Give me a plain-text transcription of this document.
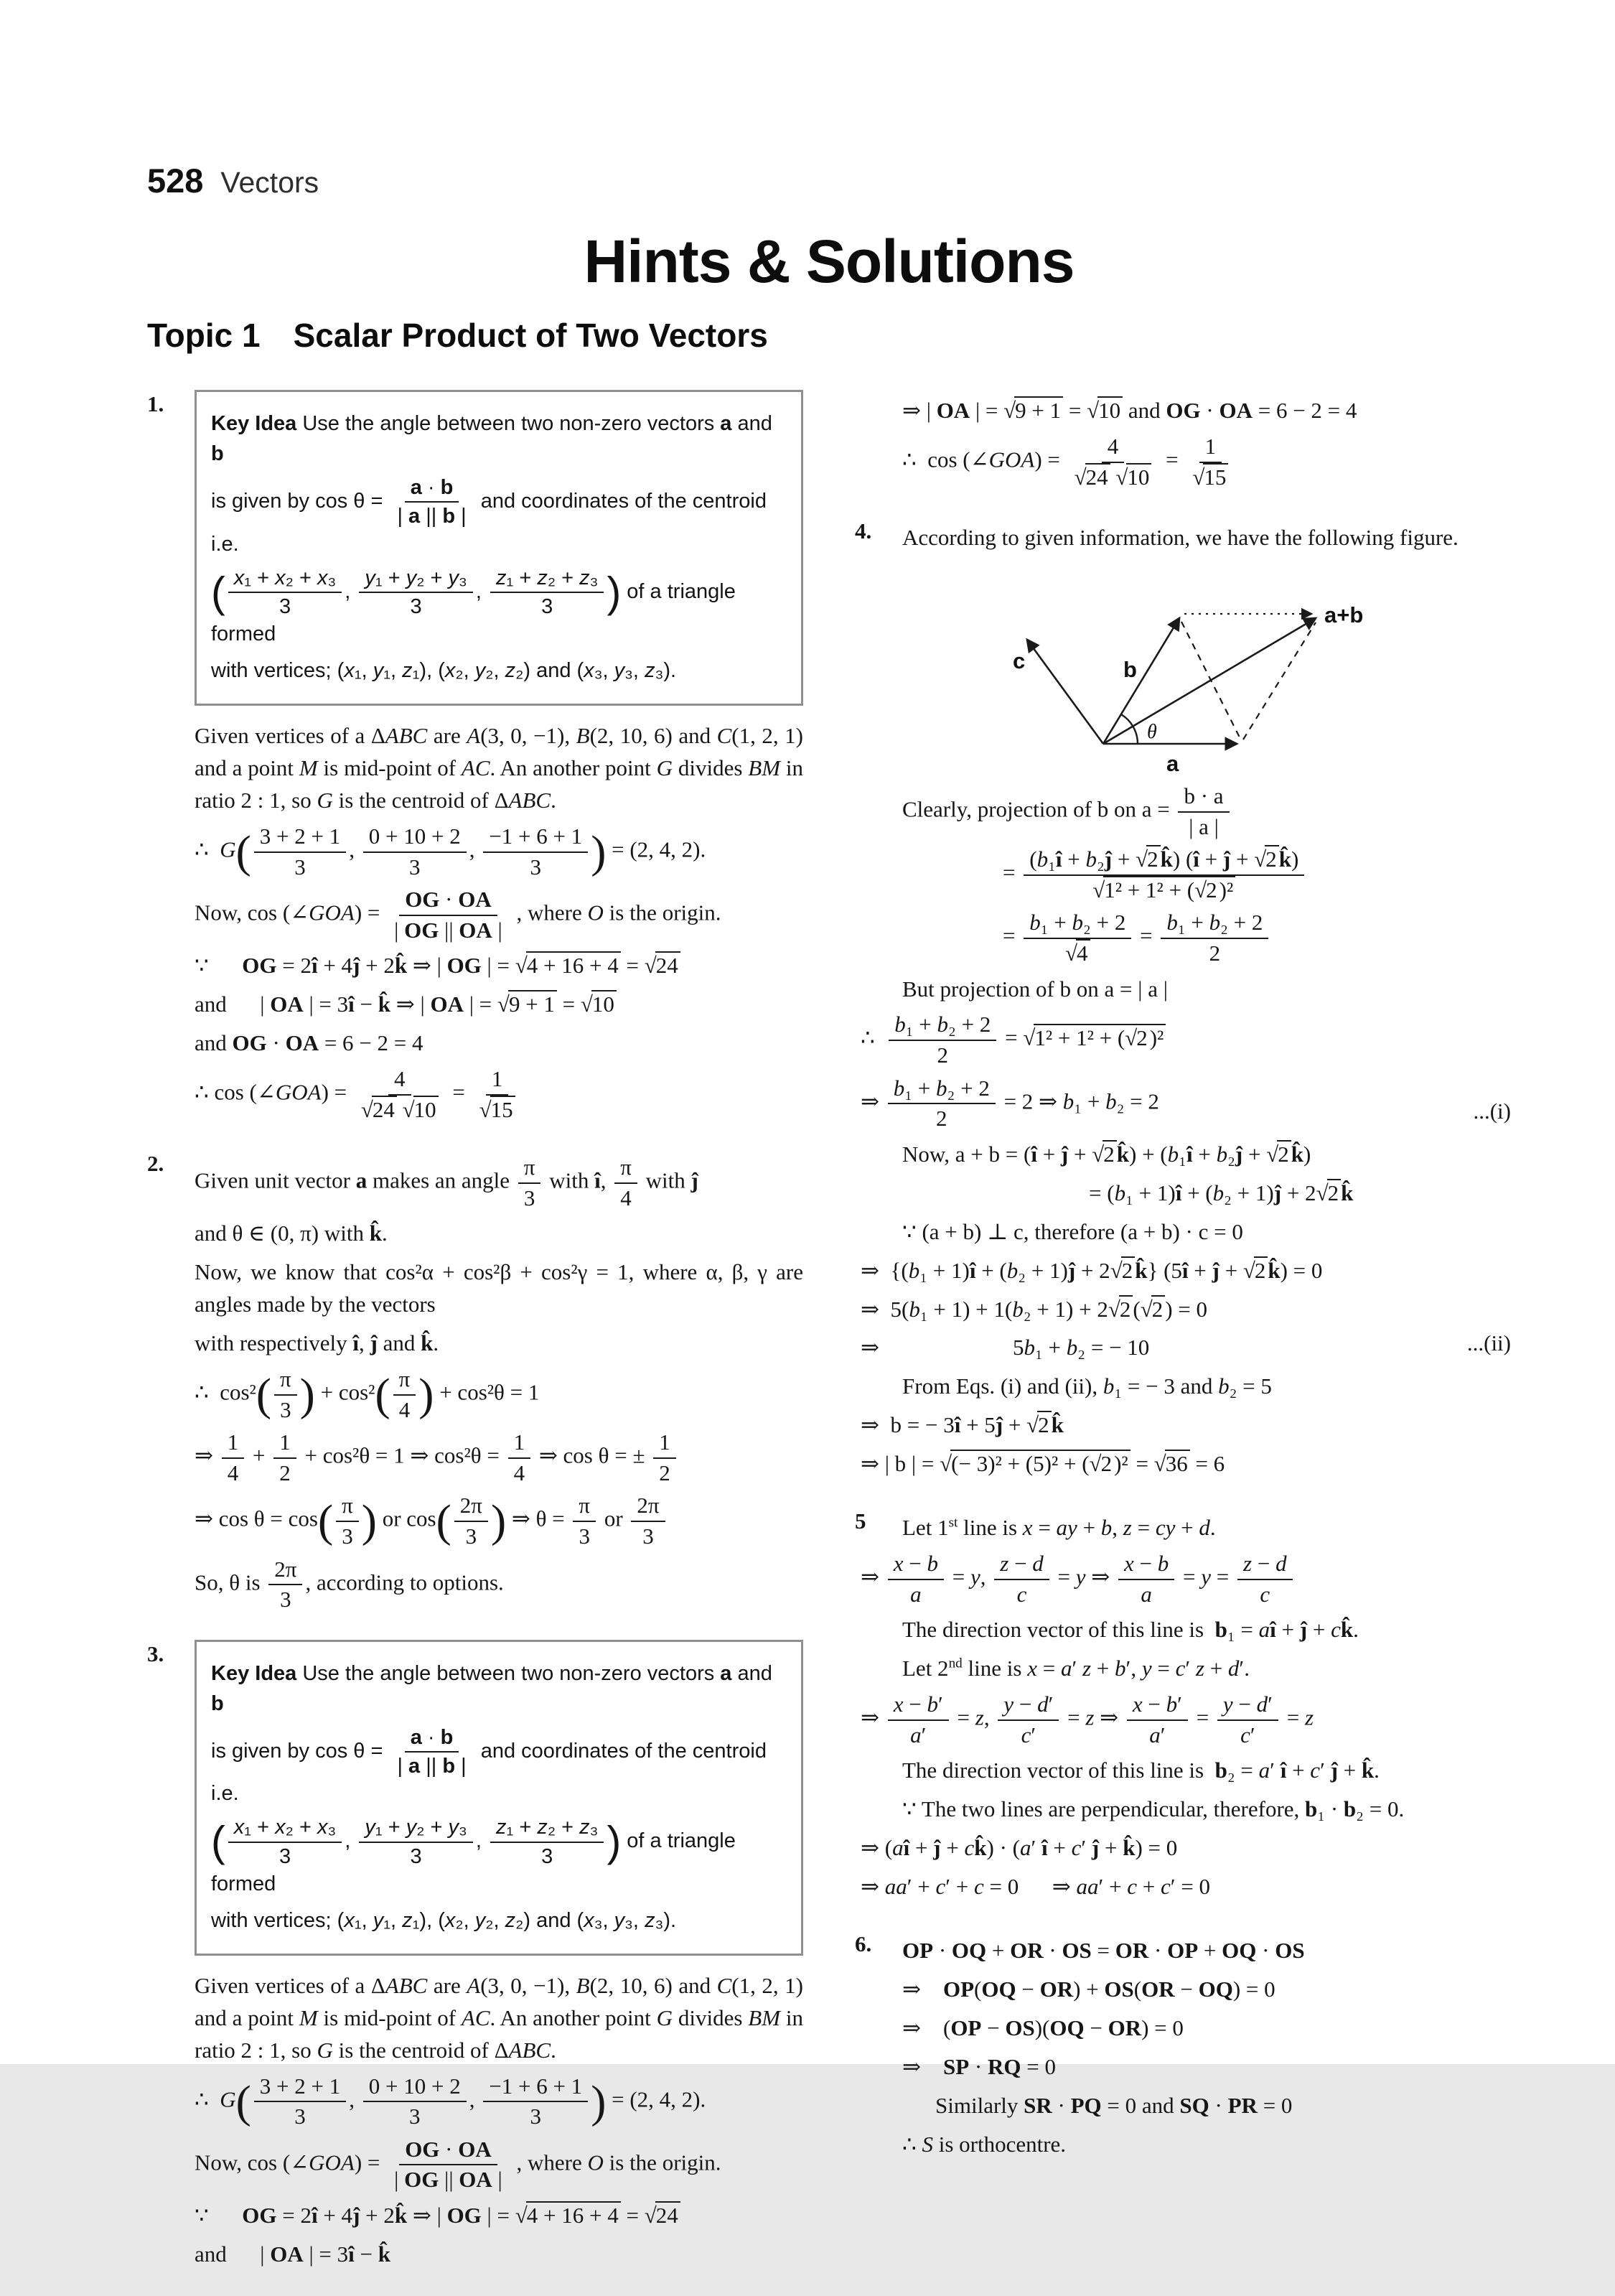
528 Vectors
Hints & Solutions
Topic 1 Scalar Product of Two Vectors
1.
Key Idea Use the angle between two non-zero vectors a and b
is given by $\cos \theta = \frac{a \cdot b}{| a || b |}$ and coordinates of the centroid i.e.
( $\frac{\text{x₁ + x₂ + x₃}}{3}$ , $\frac{\text{y₁ + y₂ + y₃}}{3}$ , $\frac{\text{z₁ + z₂ + z₃}}{3}$ ) of a triangle formed
with vertices; (x₁, y₁, z₁), (x₂, y₂, z₂) and (x₃, y₃, z₃).
Given vertices of a ΔABC are A(3, 0, −1), B(2, 10, 6) and C(1, 2, 1) and a point M is mid-point of AC. An another point G divides BM in ratio 2 : 1, so G is the centroid of ΔABC.
∴ $G( \frac{3 + 2 + 1}{3}$ , $\frac{0 + 10 + 2}{3}$ , $\frac{-1 + 6 + 1}{3}$ ) = (2, 4, 2).
Now, cos (∠GOA) = $\frac{OG \cdot OA}{| OG || OA |}$ , where O is the origin.
∵  OG = 2î + 4ĵ + 2k̂ ⇒ | OG | = √4 + 16 + 4 = √24
and  | OA | = 3î − k̂ ⇒ | OA | = √9 + 1 = √10
and OG · OA = 6 − 2 = 4
∴ cos (∠GOA) = $\frac{4}{√24 √10} = \frac{1}{√15}$
2.
Given unit vector a makes an angle $\frac{\pi}{3}$ with î, $\frac{\pi}{4}$ with ĵ
and θ ∈ (0, π) with k̂.
Now, we know that cos²α + cos²β + cos²γ = 1, where α, β, γ are angles made by the vectors
with respectively î, ĵ and k̂.
∴ $\cos^2( \frac{\pi}{3}$ ) + $\cos^2( \frac{\pi}{4}$ ) + cos²θ = 1
⇒ $\frac{1}{4} + \frac{1}{2} + \cos^2\theta = 1$ ⇒ $\cos^2\theta = \frac{1}{4}$ ⇒ cos θ = ± $\frac{1}{2}$
⇒ $\cos \theta = \cos( \frac{\pi}{3}$ ) or $\cos( \frac{2\pi}{3}$ ) ⇒ $\theta = \frac{\pi}{3}$ or $\frac{2\pi}{3}$
So, θ is $\frac{2\pi}{3}$ , according to options.
3.
Key Idea Use the angle between two non-zero vectors a and b
is given by $\cos \theta = \frac{a \cdot b}{| a || b |}$ and coordinates of the centroid i.e.
( $\frac{\text{x₁ + x₂ + x₃}}{3}$ , $\frac{\text{y₁ + y₂ + y₃}}{3}$ , $\frac{\text{z₁ + z₂ + z₃}}{3}$ ) of a triangle formed
with vertices; (x₁, y₁, z₁), (x₂, y₂, z₂) and (x₃, y₃, z₃).
Given vertices of a ΔABC are A(3, 0, −1), B(2, 10, 6) and C(1, 2, 1) and a point M is mid-point of AC. An another point G divides BM in ratio 2 : 1, so G is the centroid of ΔABC.
∴ $G( \frac{3 + 2 + 1}{3}$ , $\frac{0 + 10 + 2}{3}$ , $\frac{-1 + 6 + 1}{3}$ ) = (2, 4, 2).
Now, cos (∠GOA) = $\frac{OG \cdot OA}{| OG || OA |}$ , where O is the origin.
∵  OG = 2î + 4ĵ + 2k̂ ⇒ | OG | = √4 + 16 + 4 = √24
and  | OA | = 3î − k̂
⇒ | OA | = √9 + 1 = √10 and OG · OA = 6 − 2 = 4
∴ cos (∠GOA) = $\frac{4}{√24 √10} = \frac{1}{√15}$
4.	According to given information, we have the following figure.
c	b
a
a+b
θ
Clearly, projection of b on $a = \frac{b \cdot a}{| a |}$
= $\frac{\text{(b₁î + b₂ĵ + √2k̂) (î + ĵ + √2k̂)}}{\text{√1² + 1² + (√2)²}}$
= $\frac{\text{b₁ + b₂ + 2}}{√4} = \frac{\text{b₁ + b₂ + 2}}{2}$
But projection of b on a = | a |
∴  $\frac{\text{b₁ + b₂ + 2}}{2} = √1^2 + 1^2 + (√2)^2$
⇒ $\frac{\text{b₁ + b₂ + 2}}{2} = 2$ ⇒ b₁ + b₂ = 2	...(i)
Now, a + b = (î + ĵ + √2k̂) + (b₁î + b₂ĵ + √2k̂)
= (b₁ + 1)î + (b₂ + 1)ĵ + 2√2k̂
∵ (a + b) ⊥ c, therefore (a + b) · c = 0
⇒ {(b₁ + 1)î + (b₂ + 1)ĵ + 2√2k̂} (5î + ĵ + √2k̂) = 0
⇒ 5(b₁ + 1) + 1(b₂ + 1) + 2√2(√2) = 0
⇒      5b₁ + b₂ = − 10	...(ii)
From Eqs. (i) and (ii), b₁ = − 3 and b₂ = 5
⇒ b = − 3î + 5ĵ + √2k̂
⇒ | b | = √(− 3)² + (5)² + (√2)² = √36 = 6
5	Let 1st line is x = ay + b, z = cy + d.
⇒ $\frac{x - b}{a} = y$, $\frac{z - d}{c} = y$ ⇒ $\frac{x - b}{a} = y = \frac{z - d}{c}$
The direction vector of this line is b₁ = aî + ĵ + ck̂.
Let 2nd line is x = a′ z + b′, y = c′ z + d′.
⇒ $\frac{x - b'}{a'} = z$, $\frac{y - d'}{c'} = z$ ⇒ $\frac{x - b'}{a'} = \frac{y - d'}{c'} = z$
The direction vector of this line is b₂ = a′ î + c′ ĵ + k̂.
∵ The two lines are perpendicular, therefore, b₁ · b₂ = 0.
⇒ (aî + ĵ + ck̂) · (a′ î + c′ ĵ + k̂) = 0
⇒ aa′ + c′ + c = 0  ⇒ aa′ + c + c′ = 0
6.	OP · OQ + OR · OS = OR · OP + OQ · OS
⇒ OP(OQ − OR) + OS(OR − OQ) = 0
⇒ (OP − OS)(OQ − OR) = 0
⇒ SP · RQ = 0
Similarly SR · PQ = 0 and SQ · PR = 0
∴ S is orthocentre.
